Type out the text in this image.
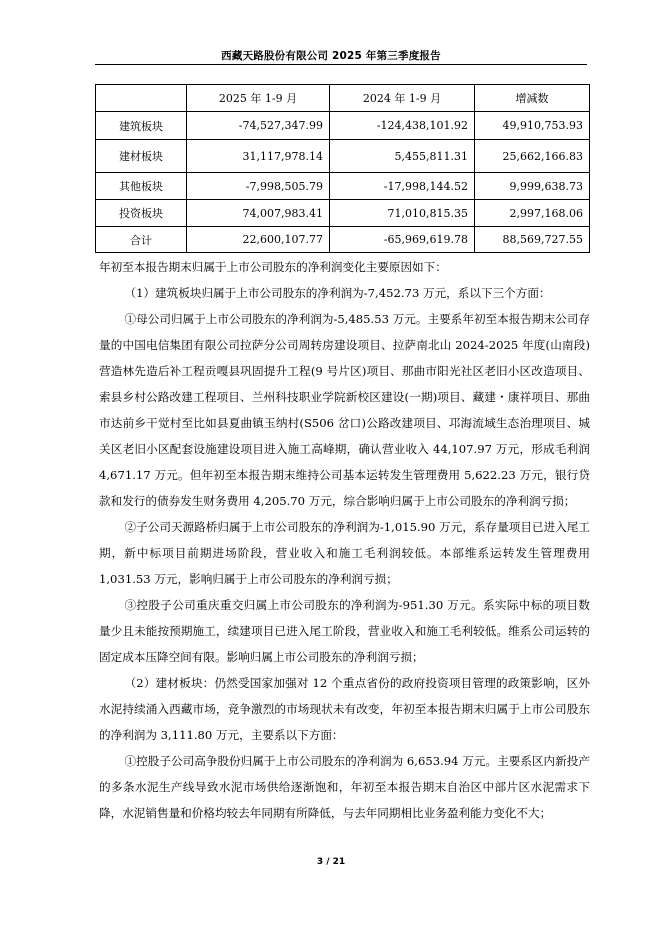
西藏天路股份有限公司 2025 年第三季度报告
	2025 年 1-9 月	2024 年 1-9 月	增减数
建筑板块	-74,527,347.99	-124,438,101.92	49,910,753.93
建材板块	31,117,978.14	5,455,811.31	25,662,166.83
其他板块	-7,998,505.79	-17,998,144.52	9,999,638.73
投资板块	74,007,983.41	71,010,815.35	2,997,168.06
合计	22,600,107.77	-65,969,619.78	88,569,727.55

年初至本报告期末归属于上市公司股东的净利润变化主要原因如下：

（1）建筑板块归属于上市公司股东的净利润为-7,452.73 万元，系以下三个方面：

①母公司归属于上市公司股东的净利润为-5,485.53 万元。主要系年初至本报告期末公司存量的中国电信集团有限公司拉萨分公司周转房建设项目、拉萨南北山 2024-2025 年度(山南段)营造林先造后补工程贡嘎县巩固提升工程(9 号片区)项目、那曲市阳光社区老旧小区改造项目、索县乡村公路改建工程项目、兰州科技职业学院新校区建设(一期)项目、藏建・康祥项目、那曲市达前乡干觉村至比如县夏曲镇玉纳村(S506 岔口)公路改建项目、邛海流域生态治理项目、城关区老旧小区配套设施建设项目进入施工高峰期，确认营业收入 44,107.97 万元，形成毛利润 4,671.17 万元。但年初至本报告期末维持公司基本运转发生管理费用 5,622.23 万元，银行贷款和发行的债券发生财务费用 4,205.70 万元，综合影响归属于上市公司股东的净利润亏损；

②子公司天源路桥归属于上市公司股东的净利润为-1,015.90 万元，系存量项目已进入尾工期，新中标项目前期进场阶段，营业收入和施工毛利润较低。本部维系运转发生管理费用 1,031.53 万元，影响归属于上市公司股东的净利润亏损；

③控股子公司重庆重交归属上市公司股东的净利润为-951.30 万元。系实际中标的项目数量少且未能按预期施工，续建项目已进入尾工阶段，营业收入和施工毛利较低。维系公司运转的固定成本压降空间有限。影响归属上市公司股东的净利润亏损；

（2）建材板块：仍然受国家加强对 12 个重点省份的政府投资项目管理的政策影响，区外水泥持续涌入西藏市场，竞争激烈的市场现状未有改变，年初至本报告期末归属于上市公司股东的净利润为 3,111.80 万元，主要系以下方面：

①控股子公司高争股份归属于上市公司股东的净利润为 6,653.94 万元。主要系区内新投产的多条水泥生产线导致水泥市场供给逐渐饱和，年初至本报告期末自治区中部片区水泥需求下降，水泥销售量和价格均较去年同期有所降低，与去年同期相比业务盈利能力变化不大；

3 / 21
